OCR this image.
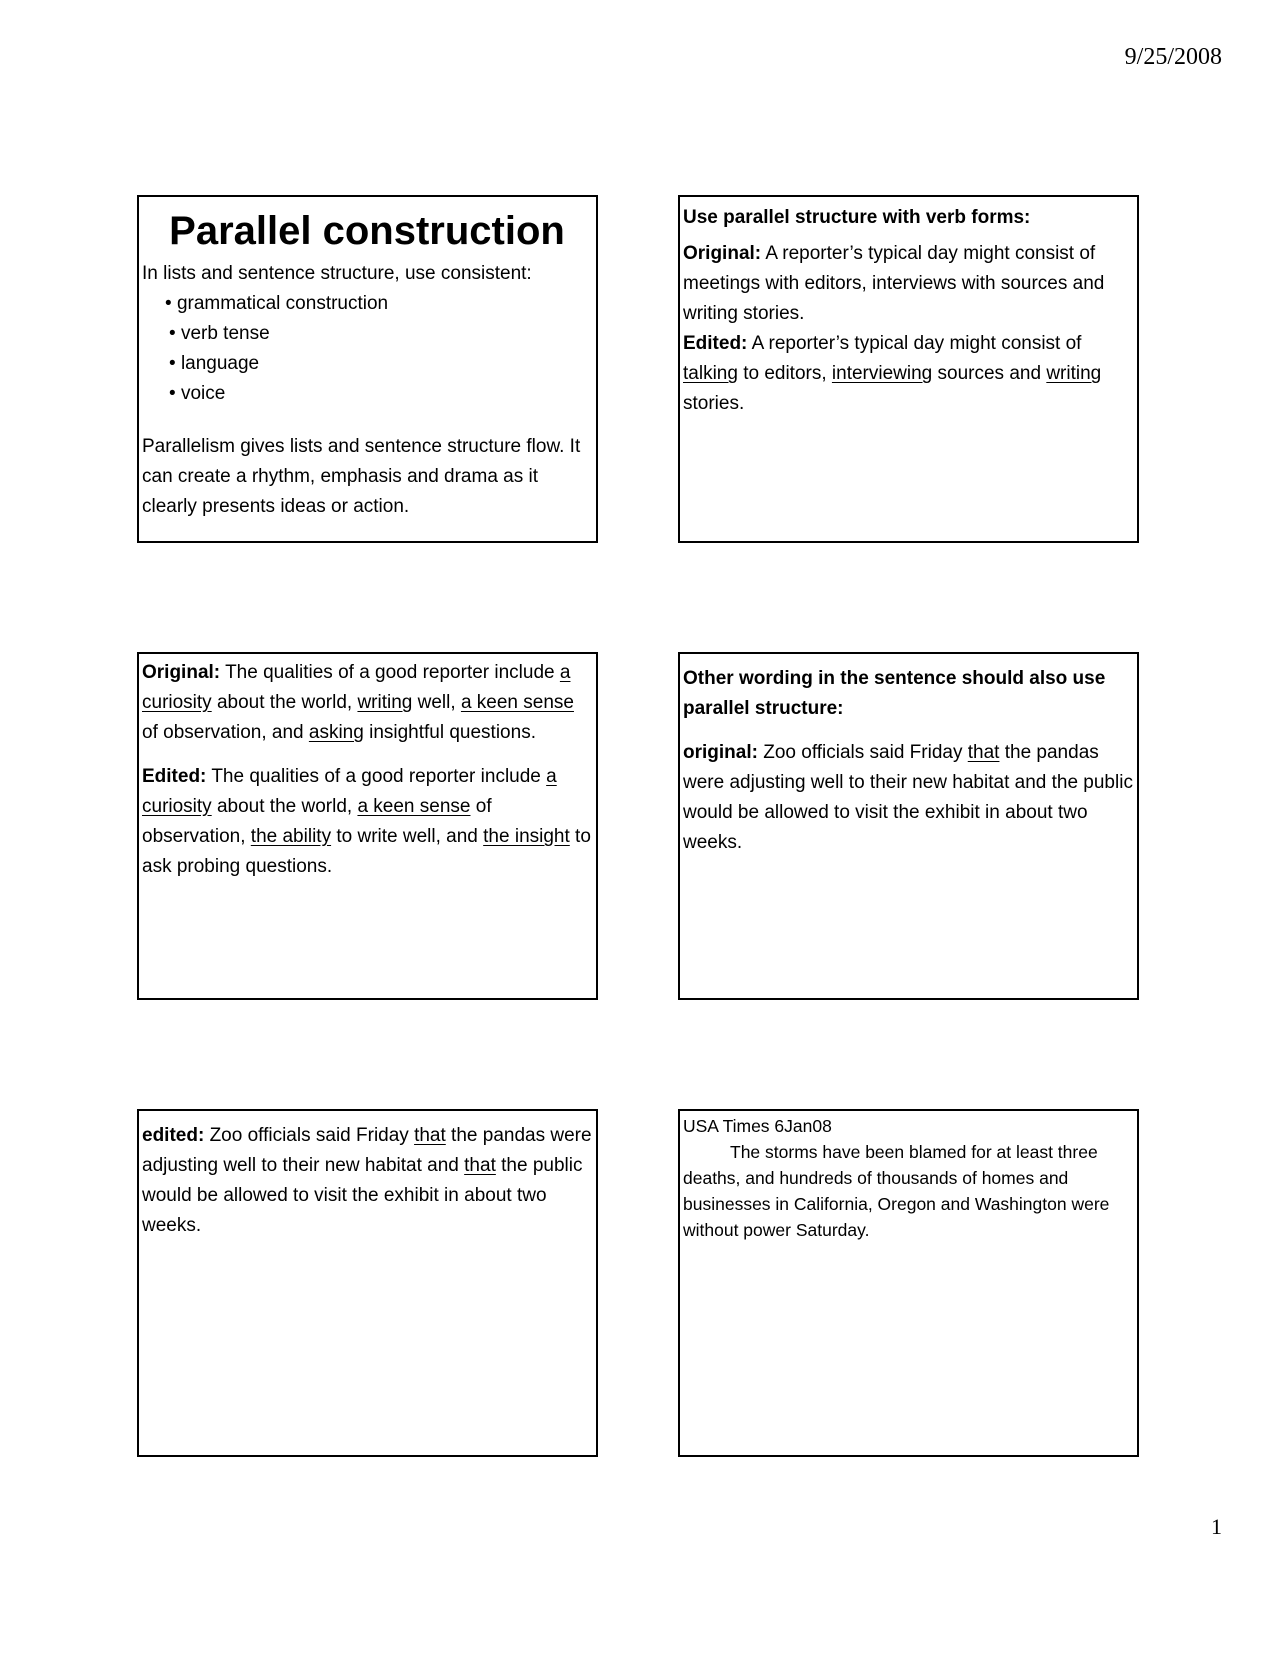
9/25/2008

Parallel construction

In lists and sentence structure, use consistent:

• grammatical construction
• verb tense
• language
• voice

Parallelism gives lists and sentence structure flow. It can create a rhythm, emphasis and drama as it clearly presents ideas or action.

Use parallel structure with verb forms:

Original: A reporter’s typical day might consist of meetings with editors, interviews with sources and writing stories.

Edited: A reporter’s typical day might consist of talking to editors, interviewing sources and writing stories.

Original: The qualities of a good reporter include a curiosity about the world, writing well, a keen sense of observation, and asking insightful questions.

Edited: The qualities of a good reporter include a curiosity about the world, a keen sense of observation, the ability to write well, and the insight to ask probing questions.

Other wording in the sentence should also use parallel structure:

original: Zoo officials said Friday that the pandas were adjusting well to their new habitat and the public would be allowed to visit the exhibit in about two weeks.

edited: Zoo officials said Friday that the pandas were adjusting well to their new habitat and that the public would be allowed to visit the exhibit in about two weeks.

USA Times 6Jan08

The storms have been blamed for at least three deaths, and hundreds of thousands of homes and businesses in California, Oregon and Washington were without power Saturday.

1
